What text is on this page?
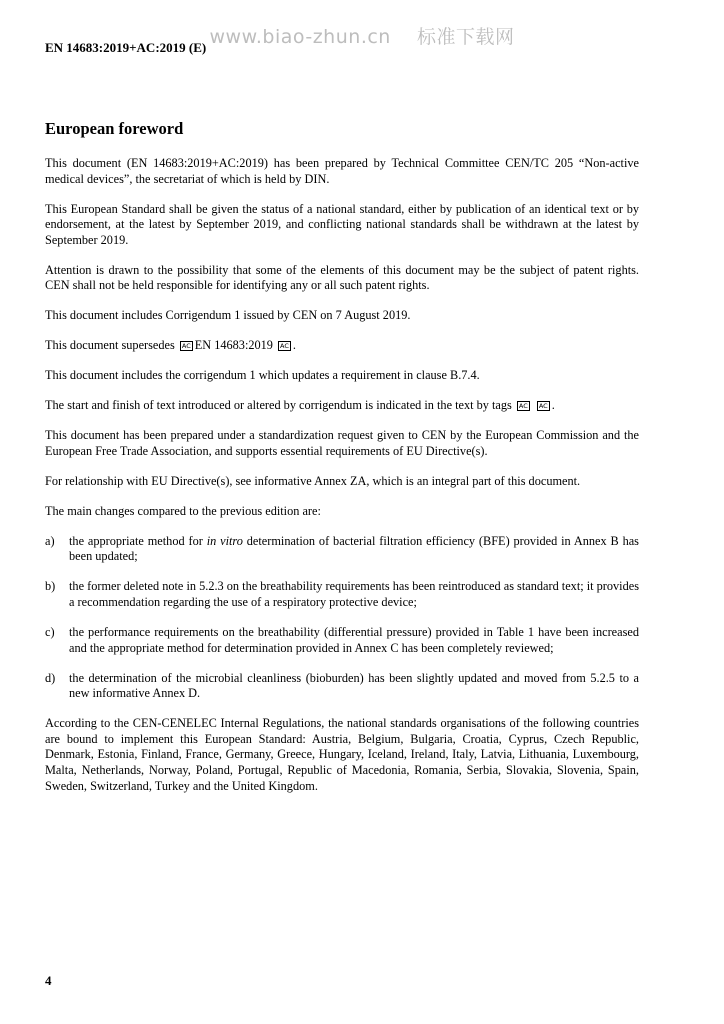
www.biao-zhun.cn    标准下载网
EN 14683:2019+AC:2019 (E)
European foreword

This document (EN 14683:2019+AC:2019) has been prepared by Technical Committee CEN/TC 205 “Non-active medical devices”, the secretariat of which is held by DIN.

This European Standard shall be given the status of a national standard, either by publication of an identical text or by endorsement, at the latest by September 2019, and conflicting national standards shall be withdrawn at the latest by September 2019.

Attention is drawn to the possibility that some of the elements of this document may be the subject of patent rights. CEN shall not be held responsible for identifying any or all such patent rights.

This document includes Corrigendum 1 issued by CEN on 7 August 2019.

This document supersedes AC EN 14683:2019 AC .

This document includes the corrigendum 1 which updates a requirement in clause B.7.4.

The start and finish of text introduced or altered by corrigendum is indicated in the text by tags AC AC .

This document has been prepared under a standardization request given to CEN by the European Commission and the European Free Trade Association, and supports essential requirements of EU Directive(s).

For relationship with EU Directive(s), see informative Annex ZA, which is an integral part of this document.

The main changes compared to the previous edition are:

a)	the appropriate method for in vitro determination of bacterial filtration efficiency (BFE) provided in Annex B has been updated;
b)	the former deleted note in 5.2.3 on the breathability requirements has been reintroduced as standard text; it provides a recommendation regarding the use of a respiratory protective device;
c)	the performance requirements on the breathability (differential pressure) provided in Table 1 have been increased and the appropriate method for determination provided in Annex C has been completely reviewed;
d)	the determination of the microbial cleanliness (bioburden) has been slightly updated and moved from 5.2.5 to a new informative Annex D.

According to the CEN-CENELEC Internal Regulations, the national standards organisations of the following countries are bound to implement this European Standard: Austria, Belgium, Bulgaria, Croatia, Cyprus, Czech Republic, Denmark, Estonia, Finland, France, Germany, Greece, Hungary, Iceland, Ireland, Italy, Latvia, Lithuania, Luxembourg, Malta, Netherlands, Norway, Poland, Portugal, Republic of Macedonia, Romania, Serbia, Slovakia, Slovenia, Spain, Sweden, Switzerland, Turkey and the United Kingdom.

4
